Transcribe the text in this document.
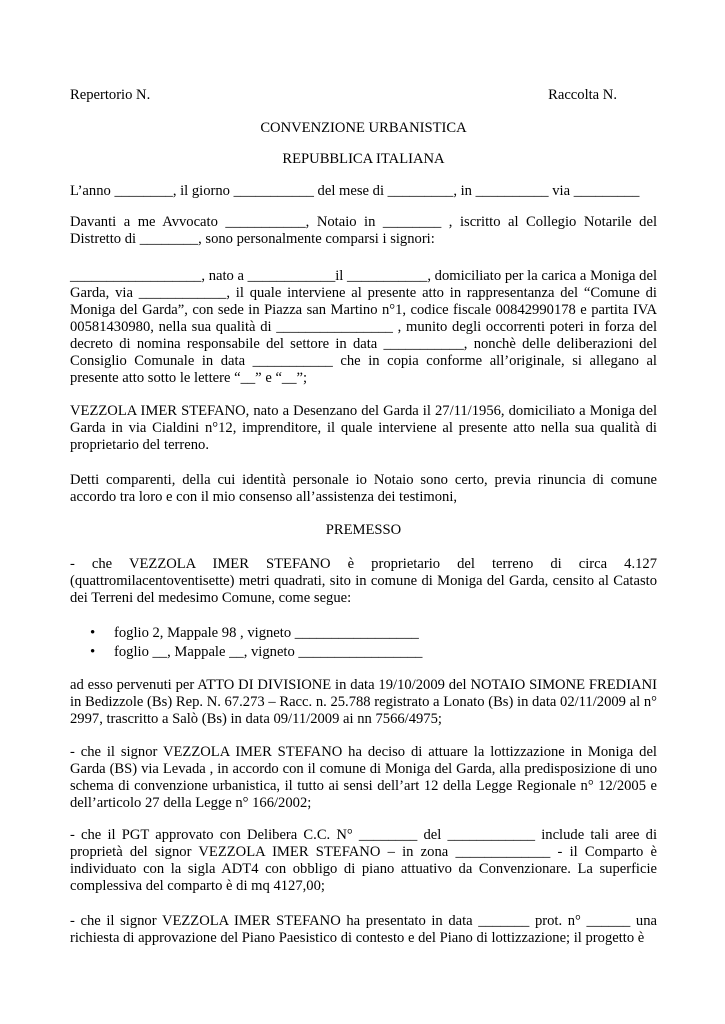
Repertorio N.	Raccolta N.

CONVENZIONE URBANISTICA

REPUBBLICA ITALIANA

L’anno ________, il giorno ___________ del mese di _________, in __________ via _________

Davanti a me Avvocato ___________, Notaio in ________ , iscritto al Collegio Notarile del Distretto di ________, sono personalmente comparsi i signori:

__________________, nato a ____________il ___________, domiciliato per la carica a Moniga del Garda, via ____________, il quale interviene al presente atto in rappresentanza del “Comune di Moniga del Garda”, con sede in Piazza san Martino n°1, codice fiscale 00842990178 e partita IVA 00581430980, nella sua qualità di ________________ , munito degli occorrenti poteri in forza del decreto di nomina responsabile del settore in data ___________, nonchè delle deliberazioni del Consiglio Comunale in data ___________ che in copia conforme all’originale, si allegano al presente atto sotto le lettere “__” e “__”;

VEZZOLA IMER STEFANO, nato a Desenzano del Garda il 27/11/1956, domiciliato a Moniga del Garda in via Cialdini n°12, imprenditore, il quale interviene al presente atto nella sua qualità di proprietario del terreno.

Detti comparenti, della cui identità personale io Notaio sono certo, previa rinuncia di comune accordo tra loro e con il mio consenso all’assistenza dei testimoni,

PREMESSO

- che VEZZOLA IMER STEFANO è proprietario del terreno di circa 4.127 (quattromilacentoventisette) metri quadrati, sito in comune di Moniga del Garda, censito al Catasto dei Terreni del medesimo Comune, come segue:

• foglio 2, Mappale 98 , vigneto _________________
• foglio __, Mappale __, vigneto _________________

ad esso pervenuti per ATTO DI DIVISIONE in data 19/10/2009 del NOTAIO SIMONE FREDIANI in Bedizzole (Bs) Rep. N. 67.273 – Racc. n. 25.788 registrato a Lonato (Bs) in data 02/11/2009 al n° 2997, trascritto a Salò (Bs) in data 09/11/2009 ai nn 7566/4975;

- che il signor VEZZOLA IMER STEFANO ha deciso di attuare la lottizzazione in Moniga del Garda (BS) via Levada , in accordo con il comune di Moniga del Garda, alla predisposizione di uno schema di convenzione urbanistica, il tutto ai sensi dell’art 12 della Legge Regionale n° 12/2005 e dell’articolo 27 della Legge n° 166/2002;

- che il PGT approvato con Delibera C.C. N° ________ del ____________ include tali aree di proprietà del signor VEZZOLA IMER STEFANO – in zona _____________ - il Comparto è individuato con la sigla ADT4 con obbligo di piano attuativo da Convenzionare. La superficie complessiva del comparto è di mq 4127,00;

- che il signor VEZZOLA IMER STEFANO ha presentato in data _______ prot. n° ______ una richiesta di approvazione del Piano Paesistico di contesto e del Piano di lottizzazione; il progetto è
